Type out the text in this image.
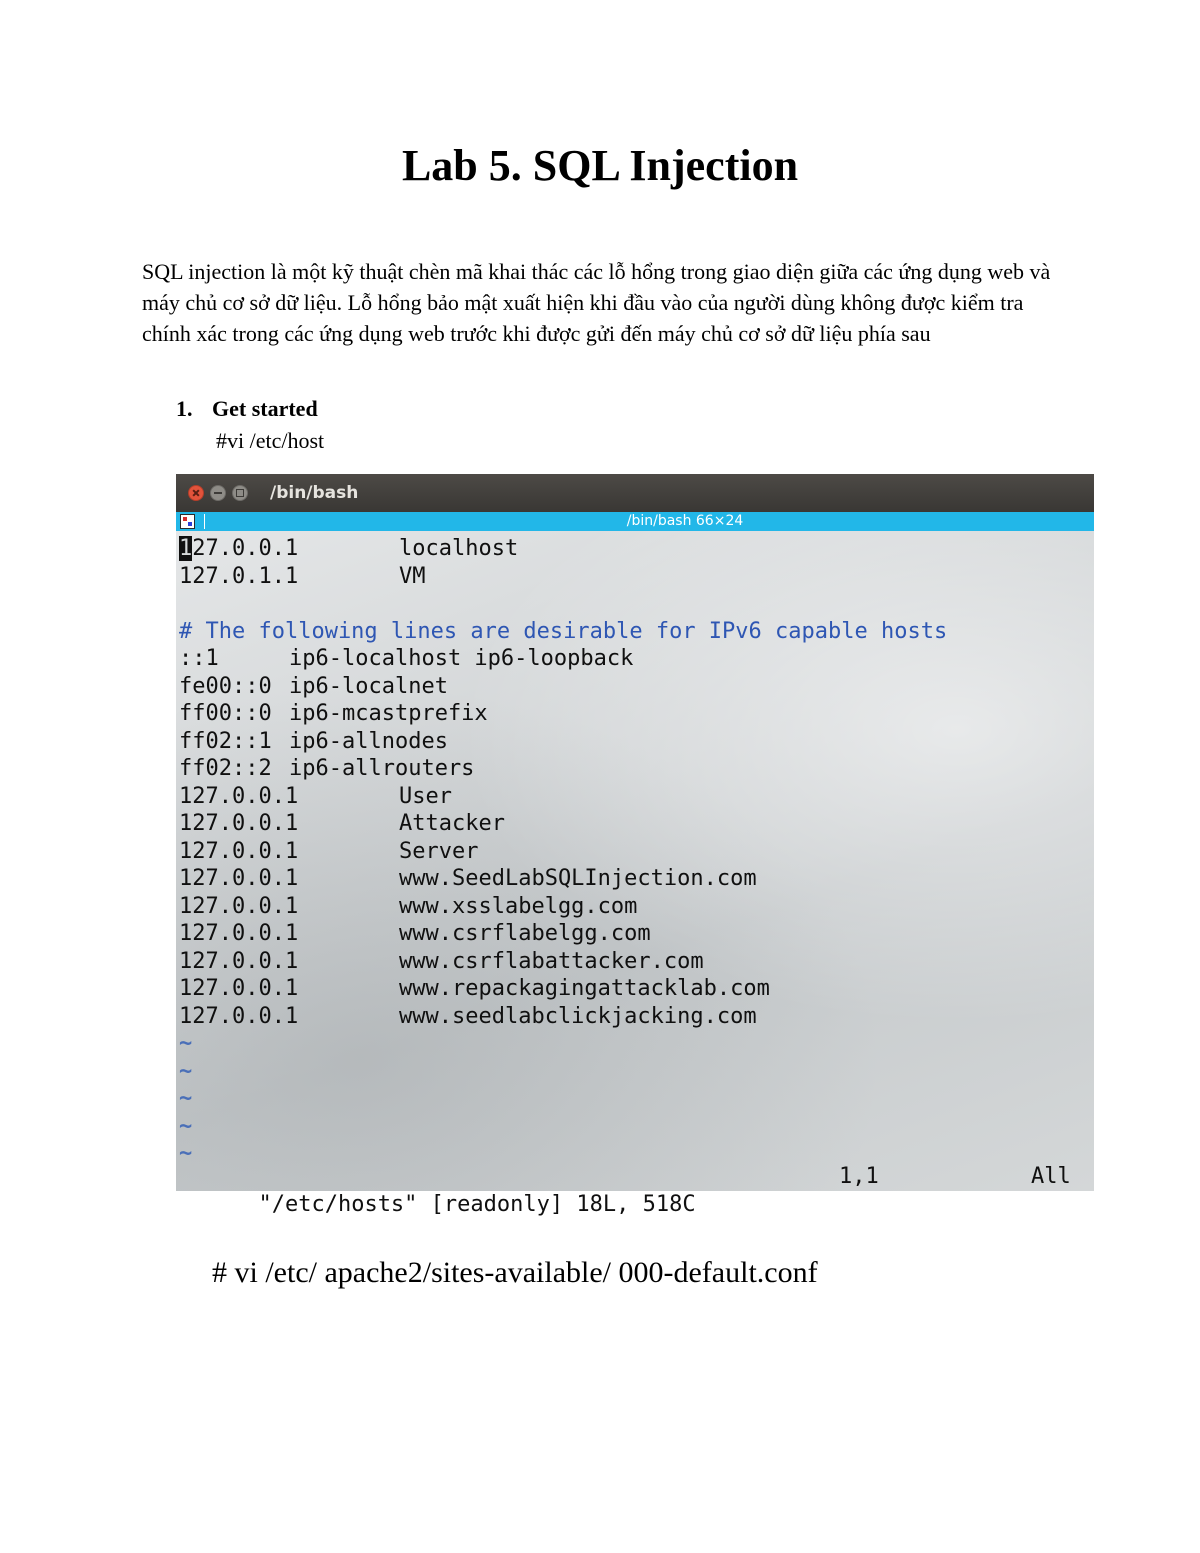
Lab 5. SQL Injection

SQL injection là một kỹ thuật chèn mã khai thác các lỗ hổng trong giao diện giữa các ứng dụng web và máy chủ cơ sở dữ liệu. Lỗ hổng bảo mật xuất hiện khi đầu vào của người dùng không được kiểm tra chính xác trong các ứng dụng web trước khi được gửi đến máy chủ cơ sở dữ liệu phía sau

1. Get started
#vi /etc/host
/bin/bash
/bin/bash 66×24
127.0.0.1	localhost
127.0.1.1	VM

# The following lines are desirable for IPv6 capable hosts
::1	ip6-localhost ip6-loopback
fe00::0 ip6-localnet
ff00::0 ip6-mcastprefix
ff02::1 ip6-allnodes
ff02::2 ip6-allrouters
127.0.0.1	User
127.0.0.1	Attacker
127.0.0.1	Server
127.0.0.1	www.SeedLabSQLInjection.com
127.0.0.1	www.xsslabelgg.com
127.0.0.1	www.csrflabelgg.com
127.0.0.1	www.csrflabattacker.com
127.0.0.1	www.repackagingattacklab.com
127.0.0.1	www.seedlabclickjacking.com
~
~
~
~
~

"/etc/hosts" [readonly] 18L, 518C

1,1

	All

# vi /etc/ apache2/sites-available/ 000-default.conf
